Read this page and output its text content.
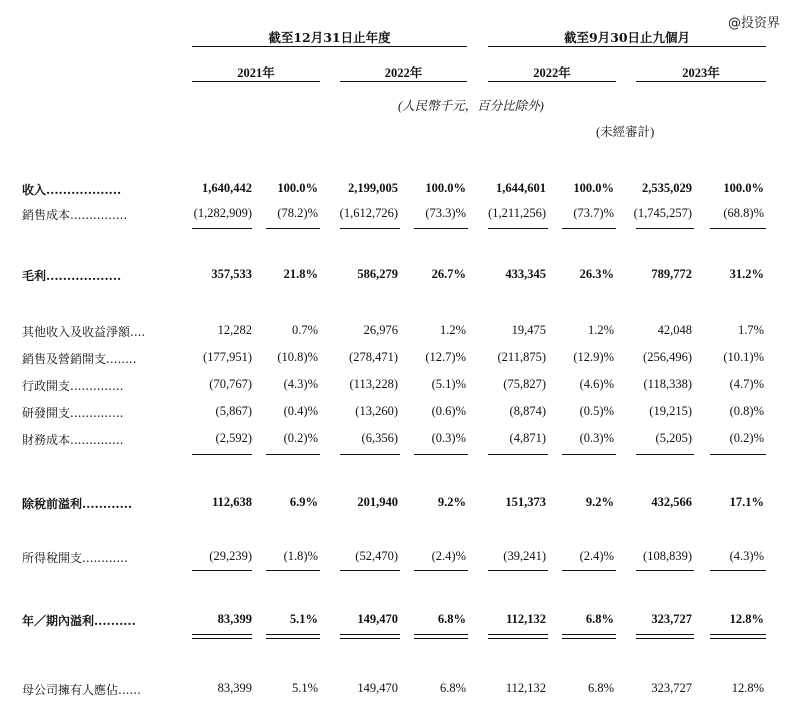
@投资界
截至12月31日止年度	截至9月30日止九個月
2021年	2022年	2022年	2023年
(人民幣千元，百分比除外)
(未經審計)
收入..................	1,640,442	100.0%	2,199,005	100.0%	1,644,601	100.0%	2,535,029	100.0%
銷售成本...............	(1,282,909)	(78.2)%	(1,612,726)	(73.3)%	(1,211,256)	(73.7)%	(1,745,257)	(68.8)%
毛利..................	357,533	21.8%	586,279	26.7%	433,345	26.3%	789,772	31.2%
其他收入及收益淨額....	12,282	0.7%	26,976	1.2%	19,475	1.2%	42,048	1.7%
銷售及營銷開支........	(177,951)	(10.8)%	(278,471)	(12.7)%	(211,875)	(12.9)%	(256,496)	(10.1)%
行政開支..............	(70,767)	(4.3)%	(113,228)	(5.1)%	(75,827)	(4.6)%	(118,338)	(4.7)%
研發開支..............	(5,867)	(0.4)%	(13,260)	(0.6)%	(8,874)	(0.5)%	(19,215)	(0.8)%
財務成本..............	(2,592)	(0.2)%	(6,356)	(0.3)%	(4,871)	(0.3)%	(5,205)	(0.2)%
除稅前溢利............	112,638	6.9%	201,940	9.2%	151,373	9.2%	432,566	17.1%
所得稅開支............	(29,239)	(1.8)%	(52,470)	(2.4)%	(39,241)	(2.4)%	(108,839)	(4.3)%
年／期內溢利..........	83,399	5.1%	149,470	6.8%	112,132	6.8%	323,727	12.8%
母公司擁有人應佔......	83,399	5.1%	149,470	6.8%	112,132	6.8%	323,727	12.8%
